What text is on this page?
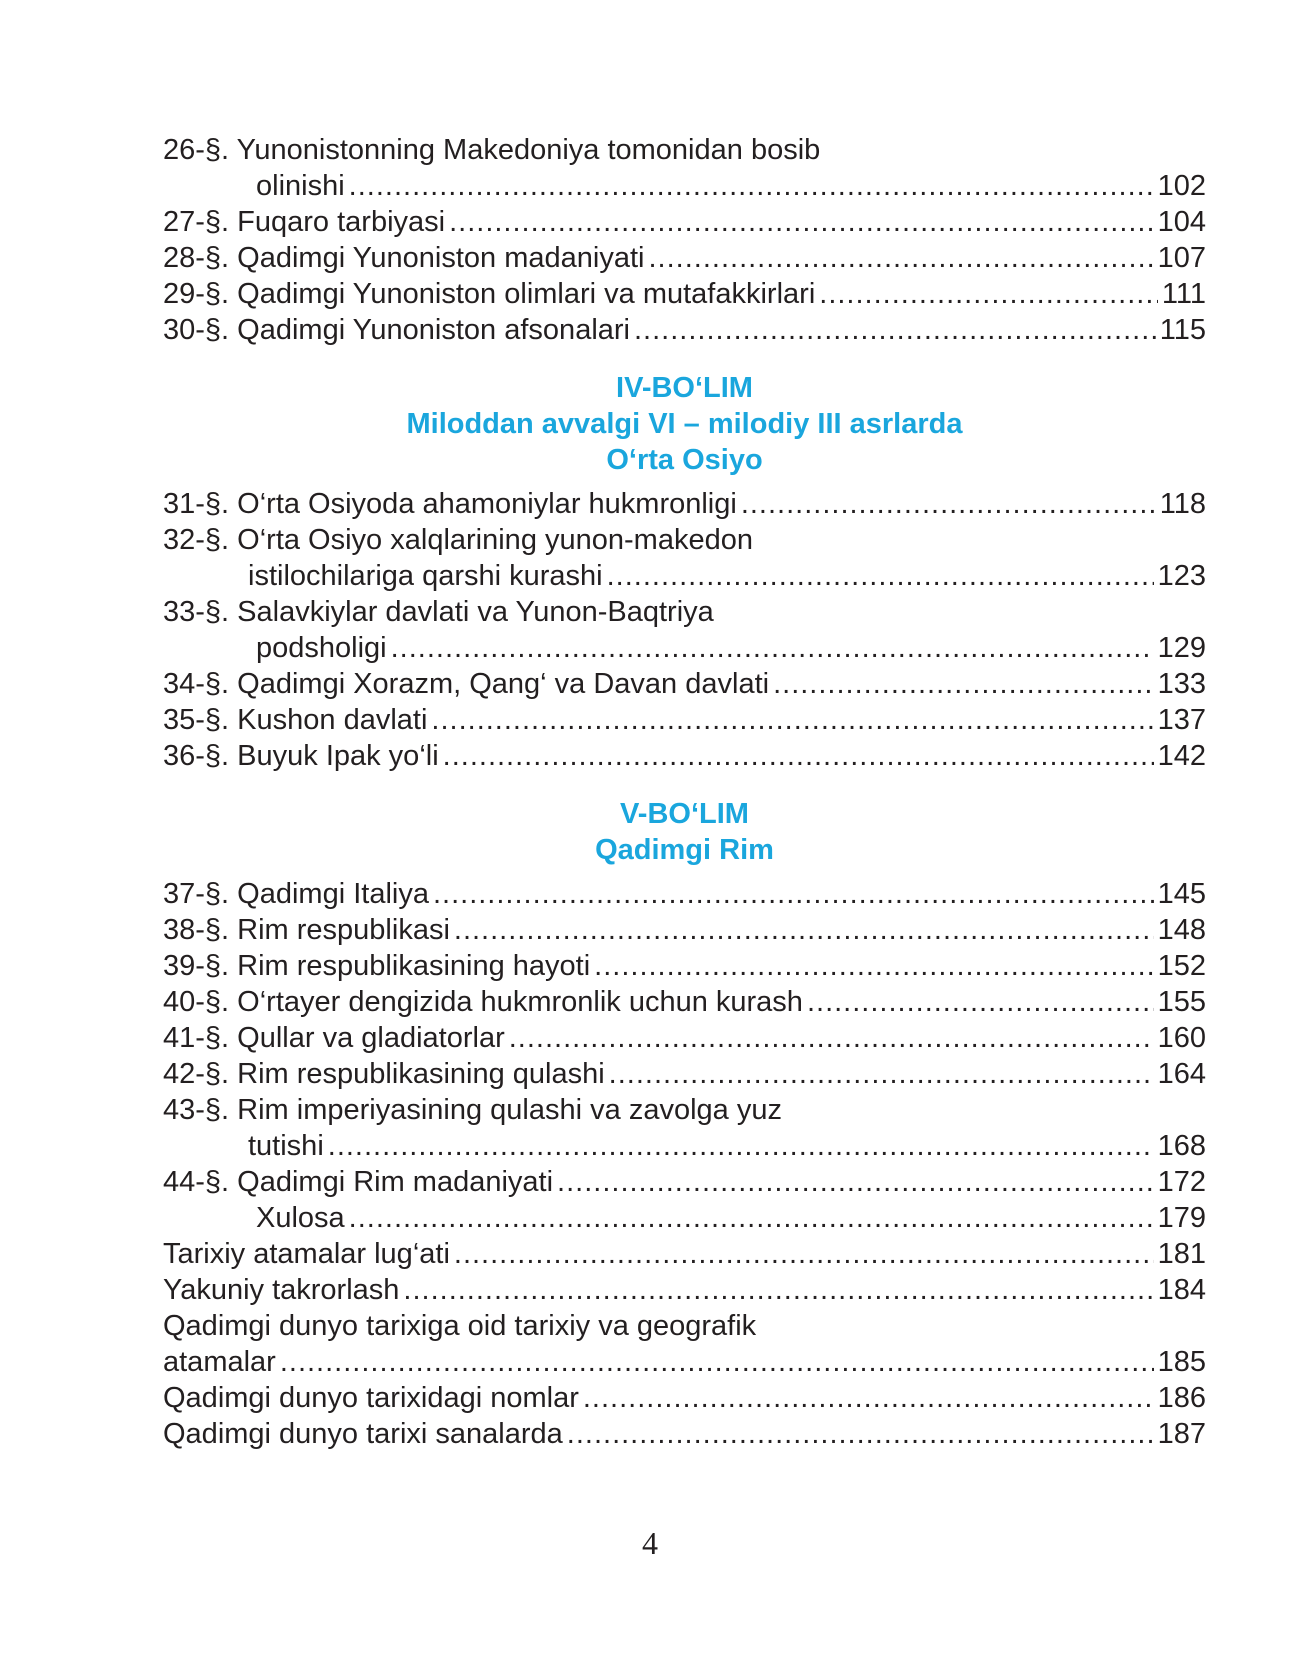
26-§. Yunonistonning Makedoniya tomonidan bosib
olinishi .....	102
27-§. Fuqaro tarbiyasi .....	104
28-§. Qadimgi Yunoniston madaniyati .....	107
29-§. Qadimgi Yunoniston olimlari va mutafakkirlari .....	111
30-§. Qadimgi Yunoniston afsonalari .....	115
IV-BO‘LIM
Miloddan avvalgi VI – milodiy III asrlarda
O‘rta Osiyo
31-§. O‘rta Osiyoda ahamoniylar hukmronligi .....	118
32-§. O‘rta Osiyo xalqlarining yunon-makedon
istilochilariga qarshi kurashi .....	123
33-§. Salavkiylar davlati va Yunon-Baqtriya
podsholigi .....	129
34-§. Qadimgi Xorazm, Qang‘ va Davan davlati .....	133
35-§. Kushon davlati .....	137
36-§. Buyuk Ipak yo‘li .....	142
V-BO‘LIM
Qadimgi Rim
37-§. Qadimgi Italiya .....	145
38-§. Rim respublikasi .....	148
39-§. Rim respublikasining hayoti .....	152
40-§. O‘rtayer dengizida hukmronlik uchun kurash .....	155
41-§. Qullar va gladiatorlar .....	160
42-§. Rim respublikasining qulashi .....	164
43-§. Rim imperiyasining qulashi va zavolga yuz
tutishi .....	168
44-§. Qadimgi Rim madaniyati .....	172
Xulosa .....	179
Tarixiy atamalar lug‘ati .....	181
Yakuniy takrorlash .....	184
Qadimgi dunyo tarixiga oid tarixiy va geografik
atamalar .....	185
Qadimgi dunyo tarixidagi nomlar .....	186
Qadimgi dunyo tarixi sanalarda .....	187
4
